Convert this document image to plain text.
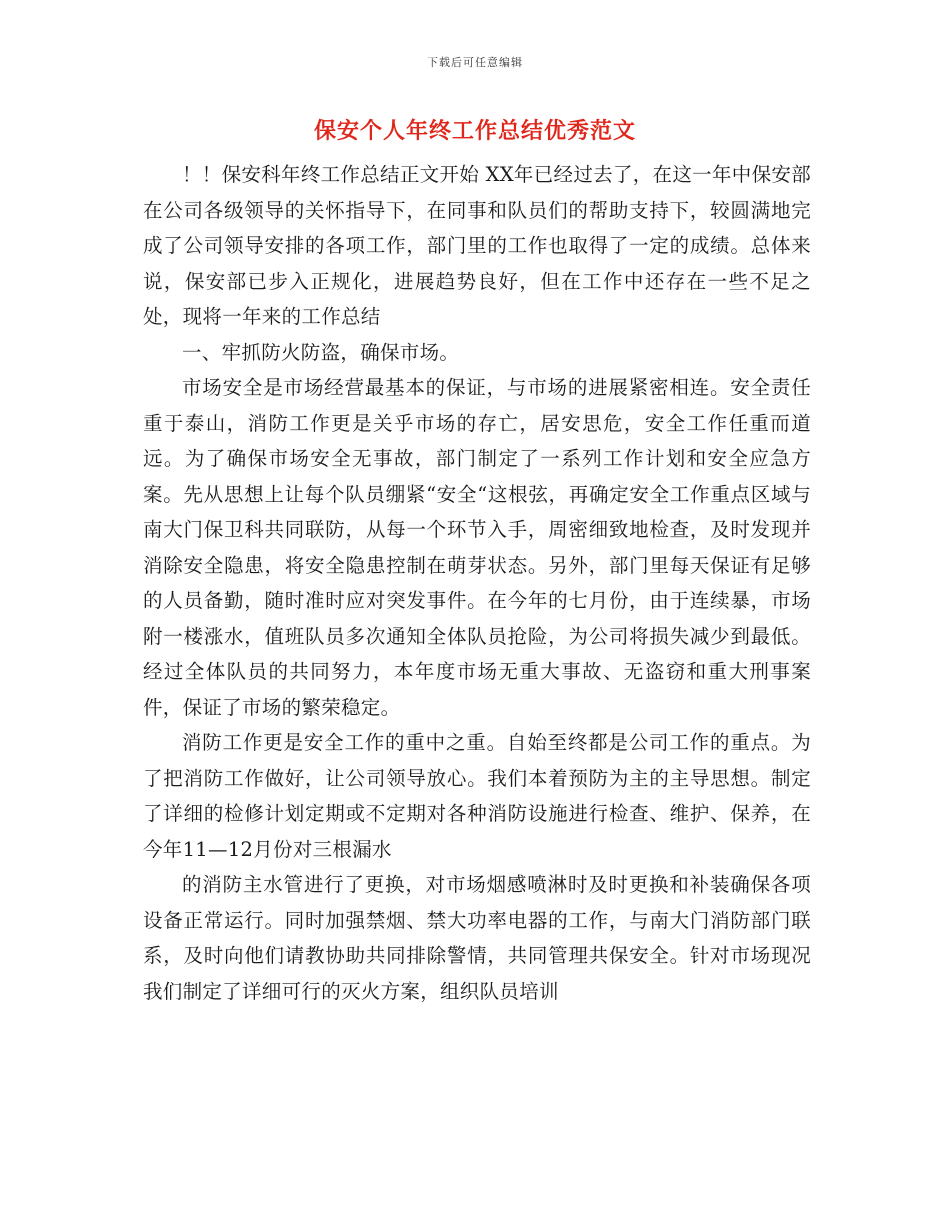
下载后可任意编辑
保安个人年终工作总结优秀范文

！！保安科年终工作总结正文开始 XX年已经过去了，在这一年中保安部在公司各级领导的关怀指导下，在同事和队员们的帮助支持下，较圆满地完成了公司领导安排的各项工作，部门里的工作也取得了一定的成绩。总体来说，保安部已步入正规化，进展趋势良好，但在工作中还存在一些不足之处，现将一年来的工作总结

一、牢抓防火防盗，确保市场。

市场安全是市场经营最基本的保证，与市场的进展紧密相连。安全责任重于泰山，消防工作更是关乎市场的存亡，居安思危，安全工作任重而道远。为了确保市场安全无事故，部门制定了一系列工作计划和安全应急方案。先从思想上让每个队员绷紧“安全“这根弦，再确定安全工作重点区域与南大门保卫科共同联防，从每一个环节入手，周密细致地检查，及时发现并消除安全隐患，将安全隐患控制在萌芽状态。另外，部门里每天保证有足够的人员备勤，随时准时应对突发事件。在今年的七月份，由于连续暴，市场附一楼涨水，值班队员多次通知全体队员抢险，为公司将损失减少到最低。经过全体队员的共同努力，本年度市场无重大事故、无盗窃和重大刑事案件，保证了市场的繁荣稳定。

消防工作更是安全工作的重中之重。自始至终都是公司工作的重点。为了把消防工作做好，让公司领导放心。我们本着预防为主的主导思想。制定了详细的检修计划定期或不定期对各种消防设施进行检查、维护、保养，在今年11—12月份对三根漏水

的消防主水管进行了更换，对市场烟感喷淋时及时更换和补装确保各项设备正常运行。同时加强禁烟、禁大功率电器的工作，与南大门消防部门联系，及时向他们请教协助共同排除警情，共同管理共保安全。针对市场现况我们制定了详细可行的灭火方案，组织队员培训
